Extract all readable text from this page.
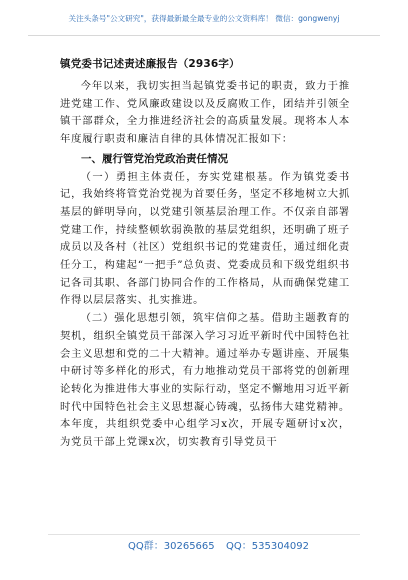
关注头条号"公文研究"，获得最新最全最专业的公文资料库！ 微信：gongwenyj
镇党委书记述责述廉报告（2936字）

今年以来，我切实担当起镇党委书记的职责，致力于推进党建工作、党风廉政建设以及反腐败工作，团结并引领全镇干部群众，全力推进经济社会的高质量发展。现将本人本年度履行职责和廉洁自律的具体情况汇报如下：

一、履行管党治党政治责任情况

（一）勇担主体责任，夯实党建根基。作为镇党委书记，我始终将管党治党视为首要任务，坚定不移地树立大抓基层的鲜明导向，以党建引领基层治理工作。不仅亲自部署党建工作，持续整顿软弱涣散的基层党组织，还明确了班子成员以及各村（社区）党组织书记的党建责任，通过细化责任分工，构建起“一把手”总负责、党委成员和下级党组织书记各司其职、各部门协同合作的工作格局，从而确保党建工作得以层层落实、扎实推进。

（二）强化思想引领，筑牢信仰之基。借助主题教育的契机，组织全镇党员干部深入学习习近平新时代中国特色社会主义思想和党的二十大精神。通过举办专题讲座、开展集中研讨等多样化的形式，有力地推动党员干部将党的创新理论转化为推进伟大事业的实际行动，坚定不懈地用习近平新时代中国特色社会主义思想凝心铸魂，弘扬伟大建党精神。本年度，共组织党委中心组学习x次，开展专题研讨x次，为党员干部上党课x次，切实教育引导党员干

QQ群：30265665 QQ：535304092
